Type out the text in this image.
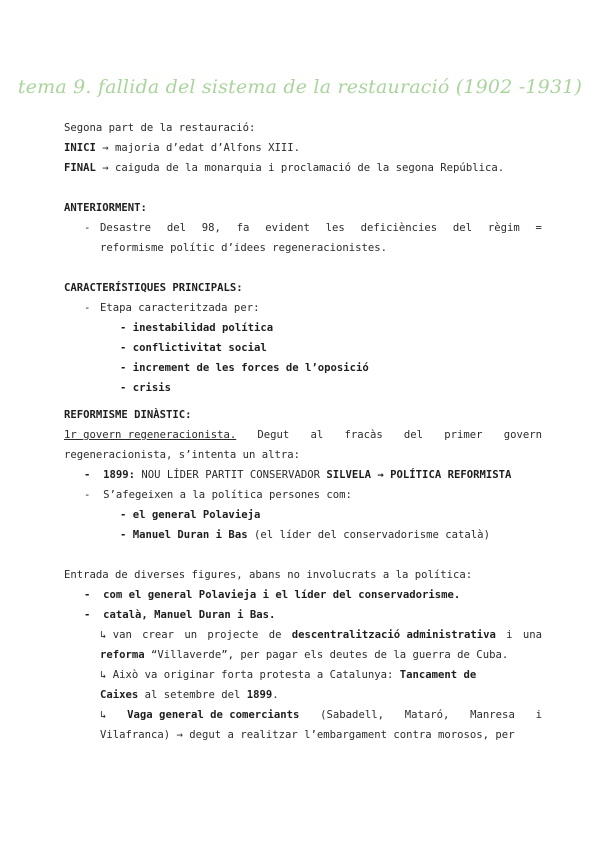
tema 9. fallida del sistema de la restauració (1902 -1931)
Segona part de la restauració:
INICI → majoria d’edat d’Alfons XIII.
FINAL → caiguda de la monarquia i proclamació de la segona República.
ANTERIORMENT:
- Desastre del 98, fa evident les deficiències del règim =
reformisme polític d’idees regeneracionistes.
CARACTERÍSTIQUES PRINCIPALS:
- Etapa caracteritzada per:
- inestabilidad política
- conflictivitat social
- increment de les forces de l’oposició
- crisis
REFORMISME DINÀSTIC:
1r govern regeneracionista. Degut al fracàs del primer govern
regeneracionista, s’intenta un altra:
-  1899: NOU LÍDER PARTIT CONSERVADOR SILVELA → POLÍTICA REFORMISTA
-  S’afegeixen a la política persones com:
- el general Polavieja
- Manuel Duran i Bas (el líder del conservadorisme català)
Entrada de diverses figures, abans no involucrats a la política:
-  com el general Polavieja i el líder del conservadorisme.
-  català, Manuel Duran i Bas.
↳ van crear un projecte de descentralització administrativa i una
reforma “Villaverde”, per pagar els deutes de la guerra de Cuba.
↳ Això va originar forta protesta a Catalunya: Tancament de
Caixes al setembre del 1899.
↳ Vaga general de comerciants (Sabadell, Mataró, Manresa i
Vilafranca) → degut a realitzar l’embargament contra morosos, per
